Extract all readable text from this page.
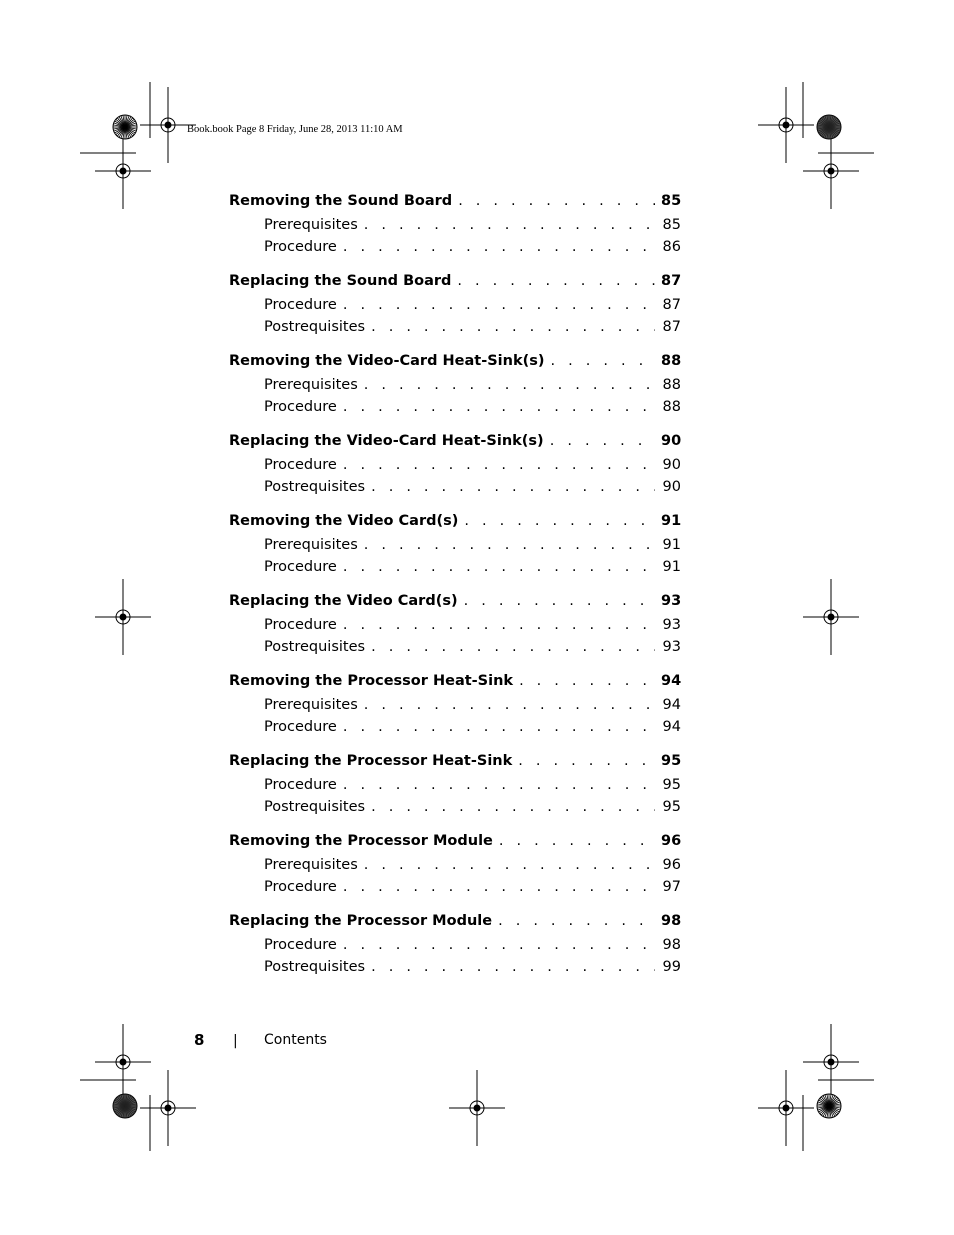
Book.book Page 8 Friday, June 28, 2013 11:10 AM
Removing the Sound Board . . .	85
Prerequisites . . .	85
Procedure . . .	86
Replacing the Sound Board . . .	87
Procedure . . .	87
Postrequisites . . .	87
Removing the Video-Card Heat-Sink(s) . . .	88
Prerequisites . . .	88
Procedure . . .	88
Replacing the Video-Card Heat-Sink(s) . . .	90
Procedure . . .	90
Postrequisites . . .	90
Removing the Video Card(s) . . .	91
Prerequisites . . .	91
Procedure . . .	91
Replacing the Video Card(s) . . .	93
Procedure . . .	93
Postrequisites . . .	93
Removing the Processor Heat-Sink . . .	94
Prerequisites . . .	94
Procedure . . .	94
Replacing the Processor Heat-Sink . . .	95
Procedure . . .	95
Postrequisites . . .	95
Removing the Processor Module . . .	96
Prerequisites . . .	96
Procedure . . .	97
Replacing the Processor Module . . .	98
Procedure . . .	98
Postrequisites . . .	99
8 | Contents
